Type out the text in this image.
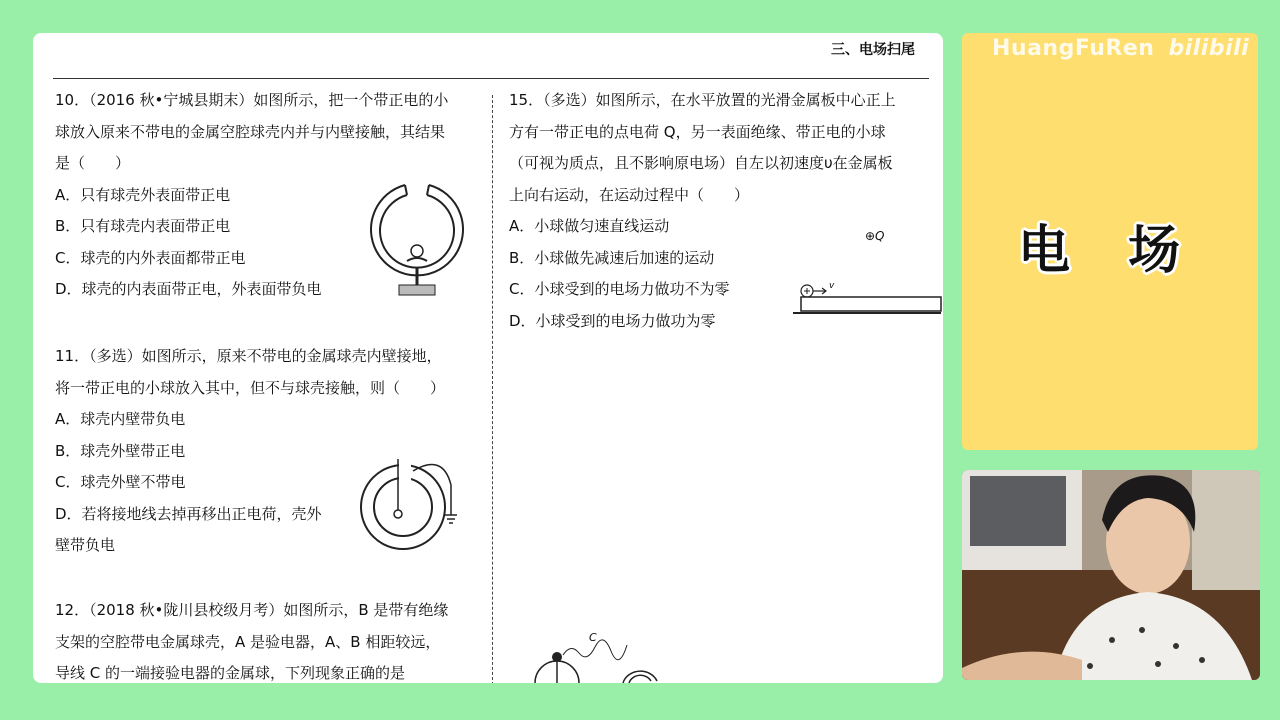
三、电场扫尾

10．（2016 秋•宁城县期末）如图所示，把一个带正电的小

球放入原来不带电的金属空腔球壳内并与内壁接触，其结果

是（　　）

A．只有球壳外表面带正电

B．只有球壳内表面带正电

C．球壳的内外表面都带正电

D．球壳的内表面带正电，外表面带负电

11．（多选）如图所示，原来不带电的金属球壳内壁接地，

将一带正电的小球放入其中，但不与球壳接触，则（　　）

A．球壳内壁带负电

B．球壳外壁带正电

C．球壳外壁不带电

D．若将接地线去掉再移出正电荷，壳外

壁带负电

12．（2018 秋•陇川县校级月考）如图所示，B 是带有绝缘

支架的空腔带电金属球壳，A 是验电器，A、B 相距较远，

导线 C 的一端接验电器的金属球，下列现象正确的是

15．（多选）如图所示，在水平放置的光滑金属板中心正上

方有一带正电的点电荷 Q，另一表面绝缘、带正电的小球

（可视为质点，且不影响原电场）自左以初速度υ在金属板

上向右运动，在运动过程中（　　）

A．小球做匀速直线运动

B．小球做先减速后加速的运动

C．小球受到的电场力做功不为零

D．小球受到的电场力做功为零

⊕Q
v
C
HuangFuRen bilibili
电场
